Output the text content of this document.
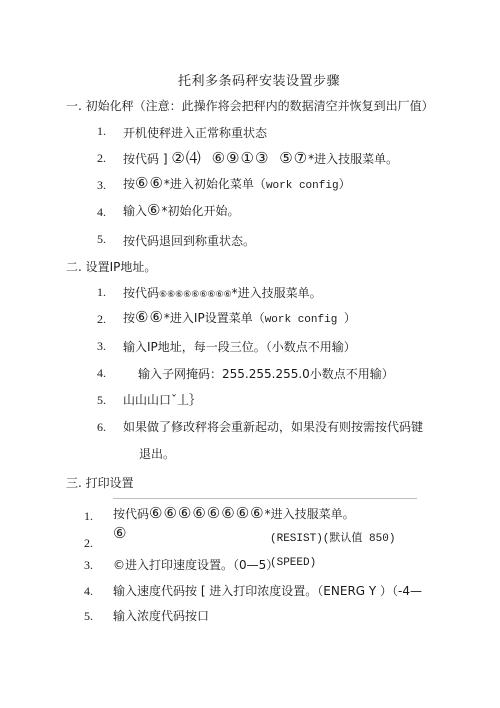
托利多条码秤安装设置步骤
一. 初始化秤（注意：此操作将会把秤内的数据清空并恢复到出厂值）
1. 开机使秤进入正常称重状态
2. 按代码 ] ②⑷ ⑥⑨①③ ⑤⑦*进入技服菜单。
3. 按⑥⑥*进入初始化菜单（work config）
4. 输入⑥*初始化开始。
5. 按代码退回到称重状态。
二. 设置IP地址。
1. 按代码⑥⑥⑥⑥⑥⑥⑥⑥⑥*进入技服菜单。
2. 按⑥⑥*进入IP设置菜单（work config ）
3. 输入IP地址，每一段三位。（小数点不用输）
4.	输入子网掩码：255.255.255.0小数点不用输）
5. 山山山口ˇ丄｝
6. 如果做了修改秤将会重新起动，如果没有则按需按代码键
退出。
三. 打印设置
1. 按代码⑥⑥⑥⑥⑥⑥⑥⑥*进入技服菜单。
2.
⑥	(RESIST)(默认值 850)
3. ©进入打印速度设置。（0—5）
(SPEED)
4. 输入速度代码按 [ 进入打印浓度设置。（ENERG Y ）（-4—
5. 输入浓度代码按口
